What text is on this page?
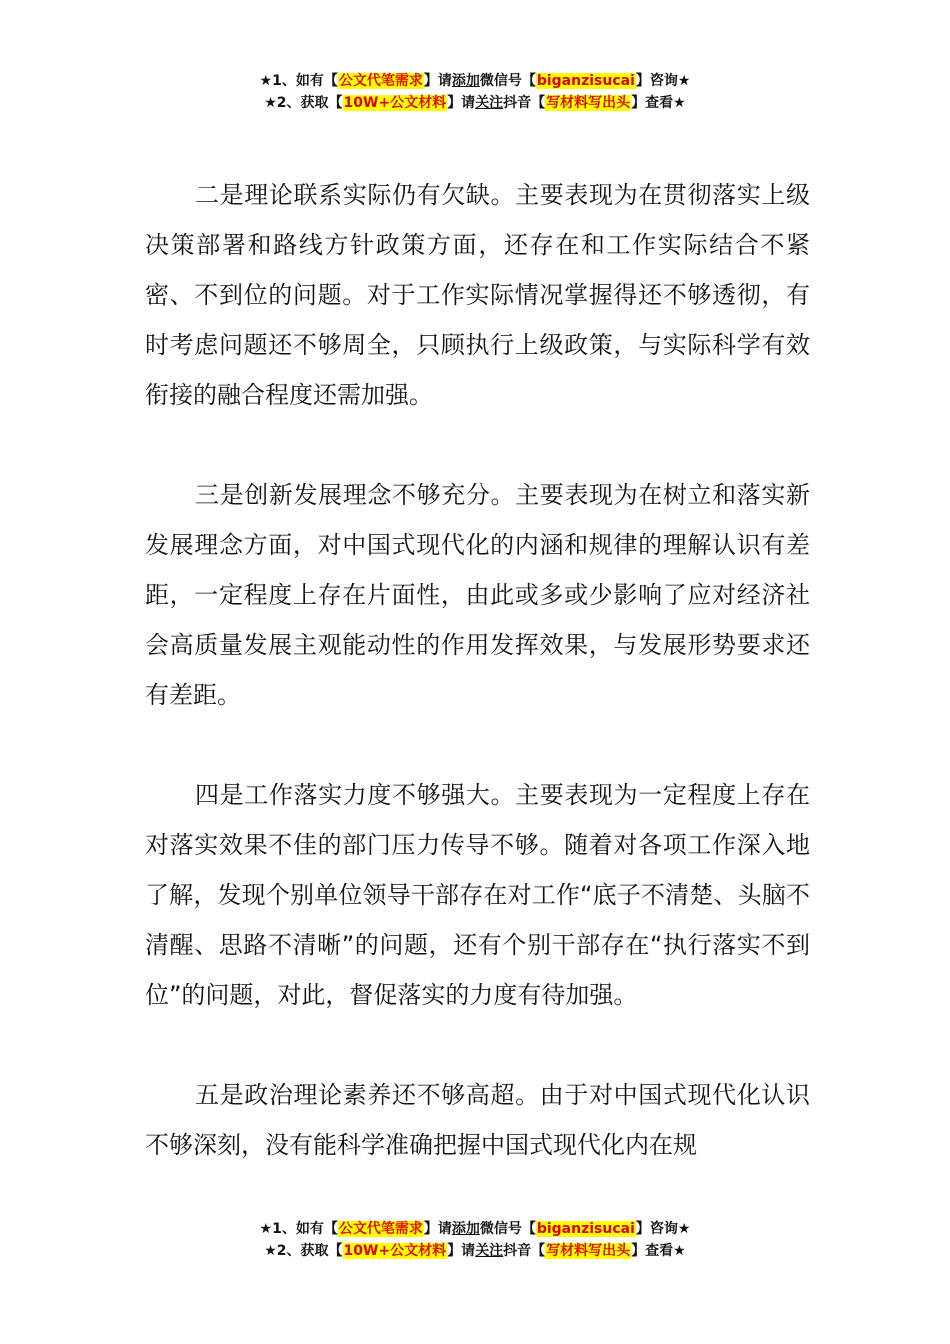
★1、如有【公文代笔需求】请添加微信号【biganzisucai】咨询★
★2、获取【10W+公文材料】请关注抖音【写材料写出头】查看★

二是理论联系实际仍有欠缺。主要表现为在贯彻落实上级决策部署和路线方针政策方面，还存在和工作实际结合不紧密、不到位的问题。对于工作实际情况掌握得还不够透彻，有时考虑问题还不够周全，只顾执行上级政策，与实际科学有效衔接的融合程度还需加强。

三是创新发展理念不够充分。主要表现为在树立和落实新发展理念方面，对中国式现代化的内涵和规律的理解认识有差距，一定程度上存在片面性，由此或多或少影响了应对经济社会高质量发展主观能动性的作用发挥效果，与发展形势要求还有差距。

四是工作落实力度不够强大。主要表现为一定程度上存在对落实效果不佳的部门压力传导不够。随着对各项工作深入地了解，发现个别单位领导干部存在对工作“底子不清楚、头脑不清醒、思路不清晰”的问题，还有个别干部存在“执行落实不到位”的问题，对此，督促落实的力度有待加强。

五是政治理论素养还不够高超。由于对中国式现代化认识不够深刻，没有能科学准确把握中国式现代化内在规

★1、如有【公文代笔需求】请添加微信号【biganzisucai】咨询★
★2、获取【10W+公文材料】请关注抖音【写材料写出头】查看★
